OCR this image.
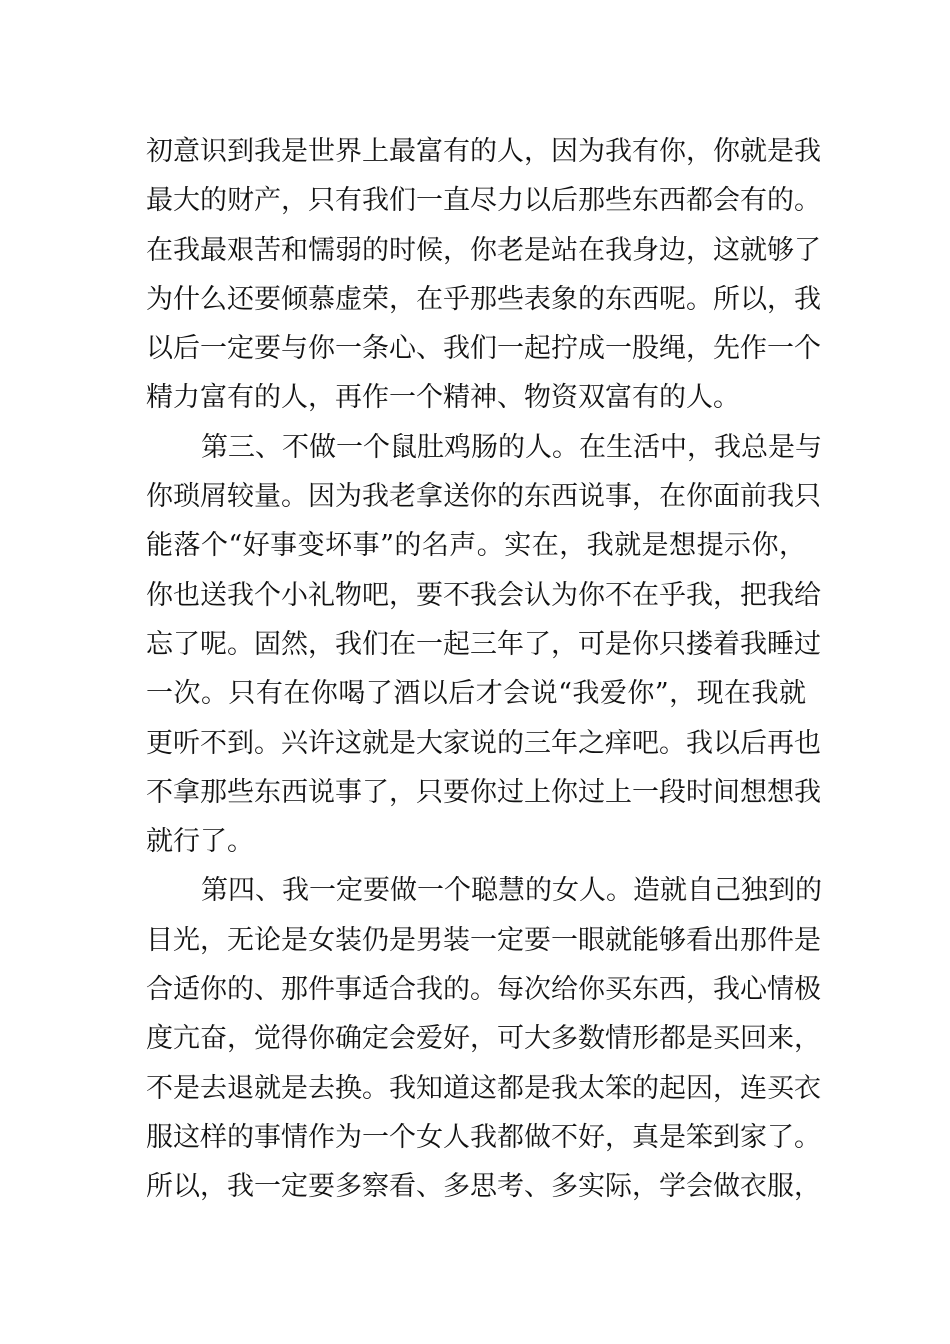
初意识到我是世界上最富有的人，因为我有你，你就是我
最大的财产，只有我们一直尽力以后那些东西都会有的。
在我最艰苦和懦弱的时候，你老是站在我身边，这就够了
为什么还要倾慕虚荣，在乎那些表象的东西呢。所以，我
以后一定要与你一条心、我们一起拧成一股绳，先作一个
精力富有的人，再作一个精神、物资双富有的人。
第三、不做一个鼠肚鸡肠的人。在生活中，我总是与
你琐屑较量。因为我老拿送你的东西说事，在你面前我只
能落个“好事变坏事”的名声。实在，我就是想提示你，
你也送我个小礼物吧，要不我会认为你不在乎我，把我给
忘了呢。固然，我们在一起三年了，可是你只搂着我睡过
一次。只有在你喝了酒以后才会说“我爱你”，现在我就
更听不到。兴许这就是大家说的三年之痒吧。我以后再也
不拿那些东西说事了，只要你过上你过上一段时间想想我
就行了。
第四、我一定要做一个聪慧的女人。造就自己独到的
目光，无论是女装仍是男装一定要一眼就能够看出那件是
合适你的、那件事适合我的。每次给你买东西，我心情极
度亢奋，觉得你确定会爱好，可大多数情形都是买回来，
不是去退就是去换。我知道这都是我太笨的起因，连买衣
服这样的事情作为一个女人我都做不好，真是笨到家了。
所以，我一定要多察看、多思考、多实际，学会做衣服，
